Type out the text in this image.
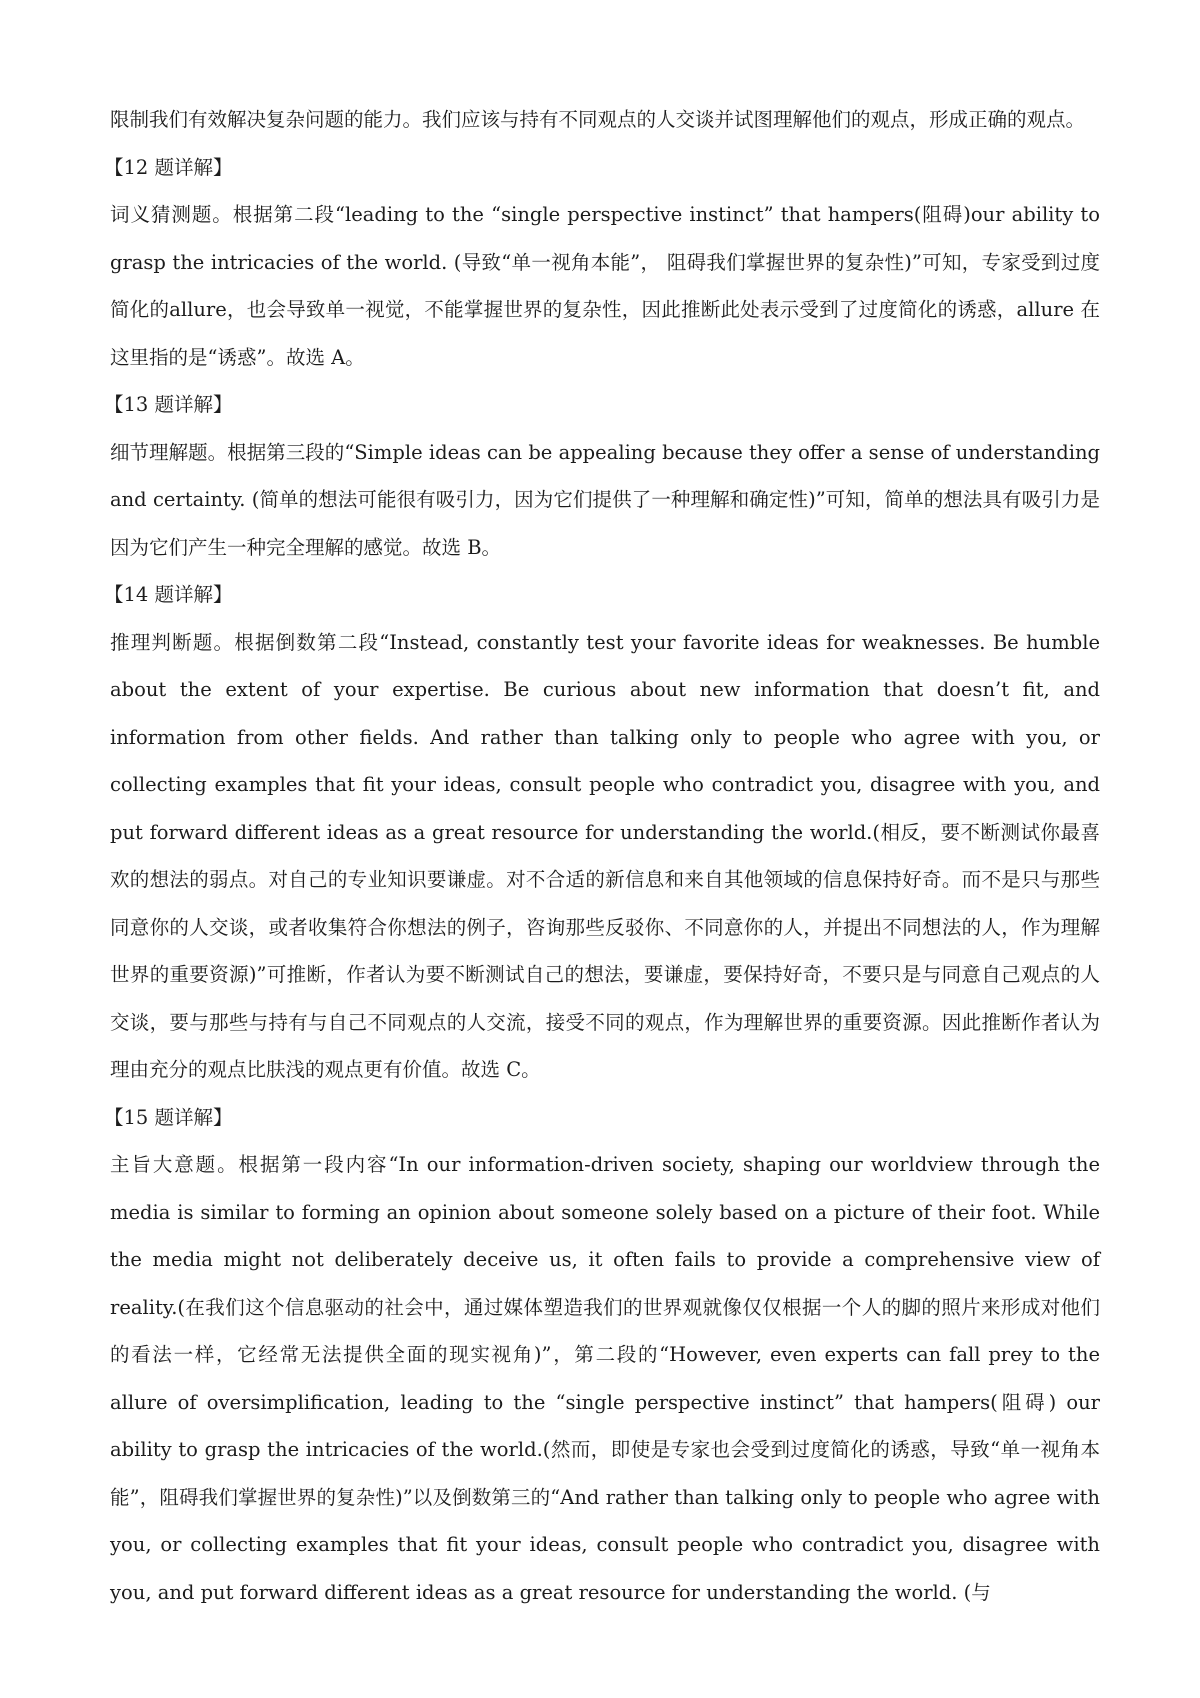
限制我们有效解决复杂问题的能力。我们应该与持有不同观点的人交谈并试图理解他们的观点，形成正确的观点。

【12 题详解】

词义猜测题。根据第二段“leading to the “single perspective instinct” that hampers(阻碍)our ability to grasp the intricacies of the world. (导致“单一视角本能”， 阻碍我们掌握世界的复杂性)”可知，专家受到过度简化的allure，也会导致单一视觉，不能掌握世界的复杂性，因此推断此处表示受到了过度简化的诱惑，allure 在这里指的是“诱惑”。故选 A。

【13 题详解】

细节理解题。根据第三段的“Simple ideas can be appealing because they offer a sense of understanding and certainty. (简单的想法可能很有吸引力，因为它们提供了一种理解和确定性)”可知，简单的想法具有吸引力是因为它们产生一种完全理解的感觉。故选 B。

【14 题详解】

推理判断题。根据倒数第二段“Instead, constantly test your favorite ideas for weaknesses. Be humble about the extent of your expertise. Be curious about new information that doesn’t fit, and information from other fields. And rather than talking only to people who agree with you, or collecting examples that fit your ideas, consult people who contradict you, disagree with you, and put forward different ideas as a great resource for understanding the world.(相反，要不断测试你最喜欢的想法的弱点。对自己的专业知识要谦虚。对不合适的新信息和来自其他领域的信息保持好奇。而不是只与那些同意你的人交谈，或者收集符合你想法的例子，咨询那些反驳你、不同意你的人，并提出不同想法的人，作为理解世界的重要资源)”可推断，作者认为要不断测试自己的想法，要谦虚，要保持好奇，不要只是与同意自己观点的人交谈，要与那些与持有与自己不同观点的人交流，接受不同的观点，作为理解世界的重要资源。因此推断作者认为理由充分的观点比肤浅的观点更有价值。故选 C。

【15 题详解】

主旨大意题。根据第一段内容“In our information-driven society, shaping our worldview through the media is similar to forming an opinion about someone solely based on a picture of their foot. While the media might not deliberately deceive us, it often fails to provide a comprehensive view of reality.(在我们这个信息驱动的社会中，通过媒体塑造我们的世界观就像仅仅根据一个人的脚的照片来形成对他们的看法一样，它经常无法提供全面的现实视角)”，第二段的“However, even experts can fall prey to the allure of oversimplification, leading to the “single perspective instinct” that hampers(阻碍) our ability to grasp the intricacies of the world.(然而，即使是专家也会受到过度简化的诱惑，导致“单一视角本能”，阻碍我们掌握世界的复杂性)”以及倒数第三的“And rather than talking only to people who agree with you, or collecting examples that fit your ideas, consult people who contradict you, disagree with you, and put forward different ideas as a great resource for understanding the world. (与
